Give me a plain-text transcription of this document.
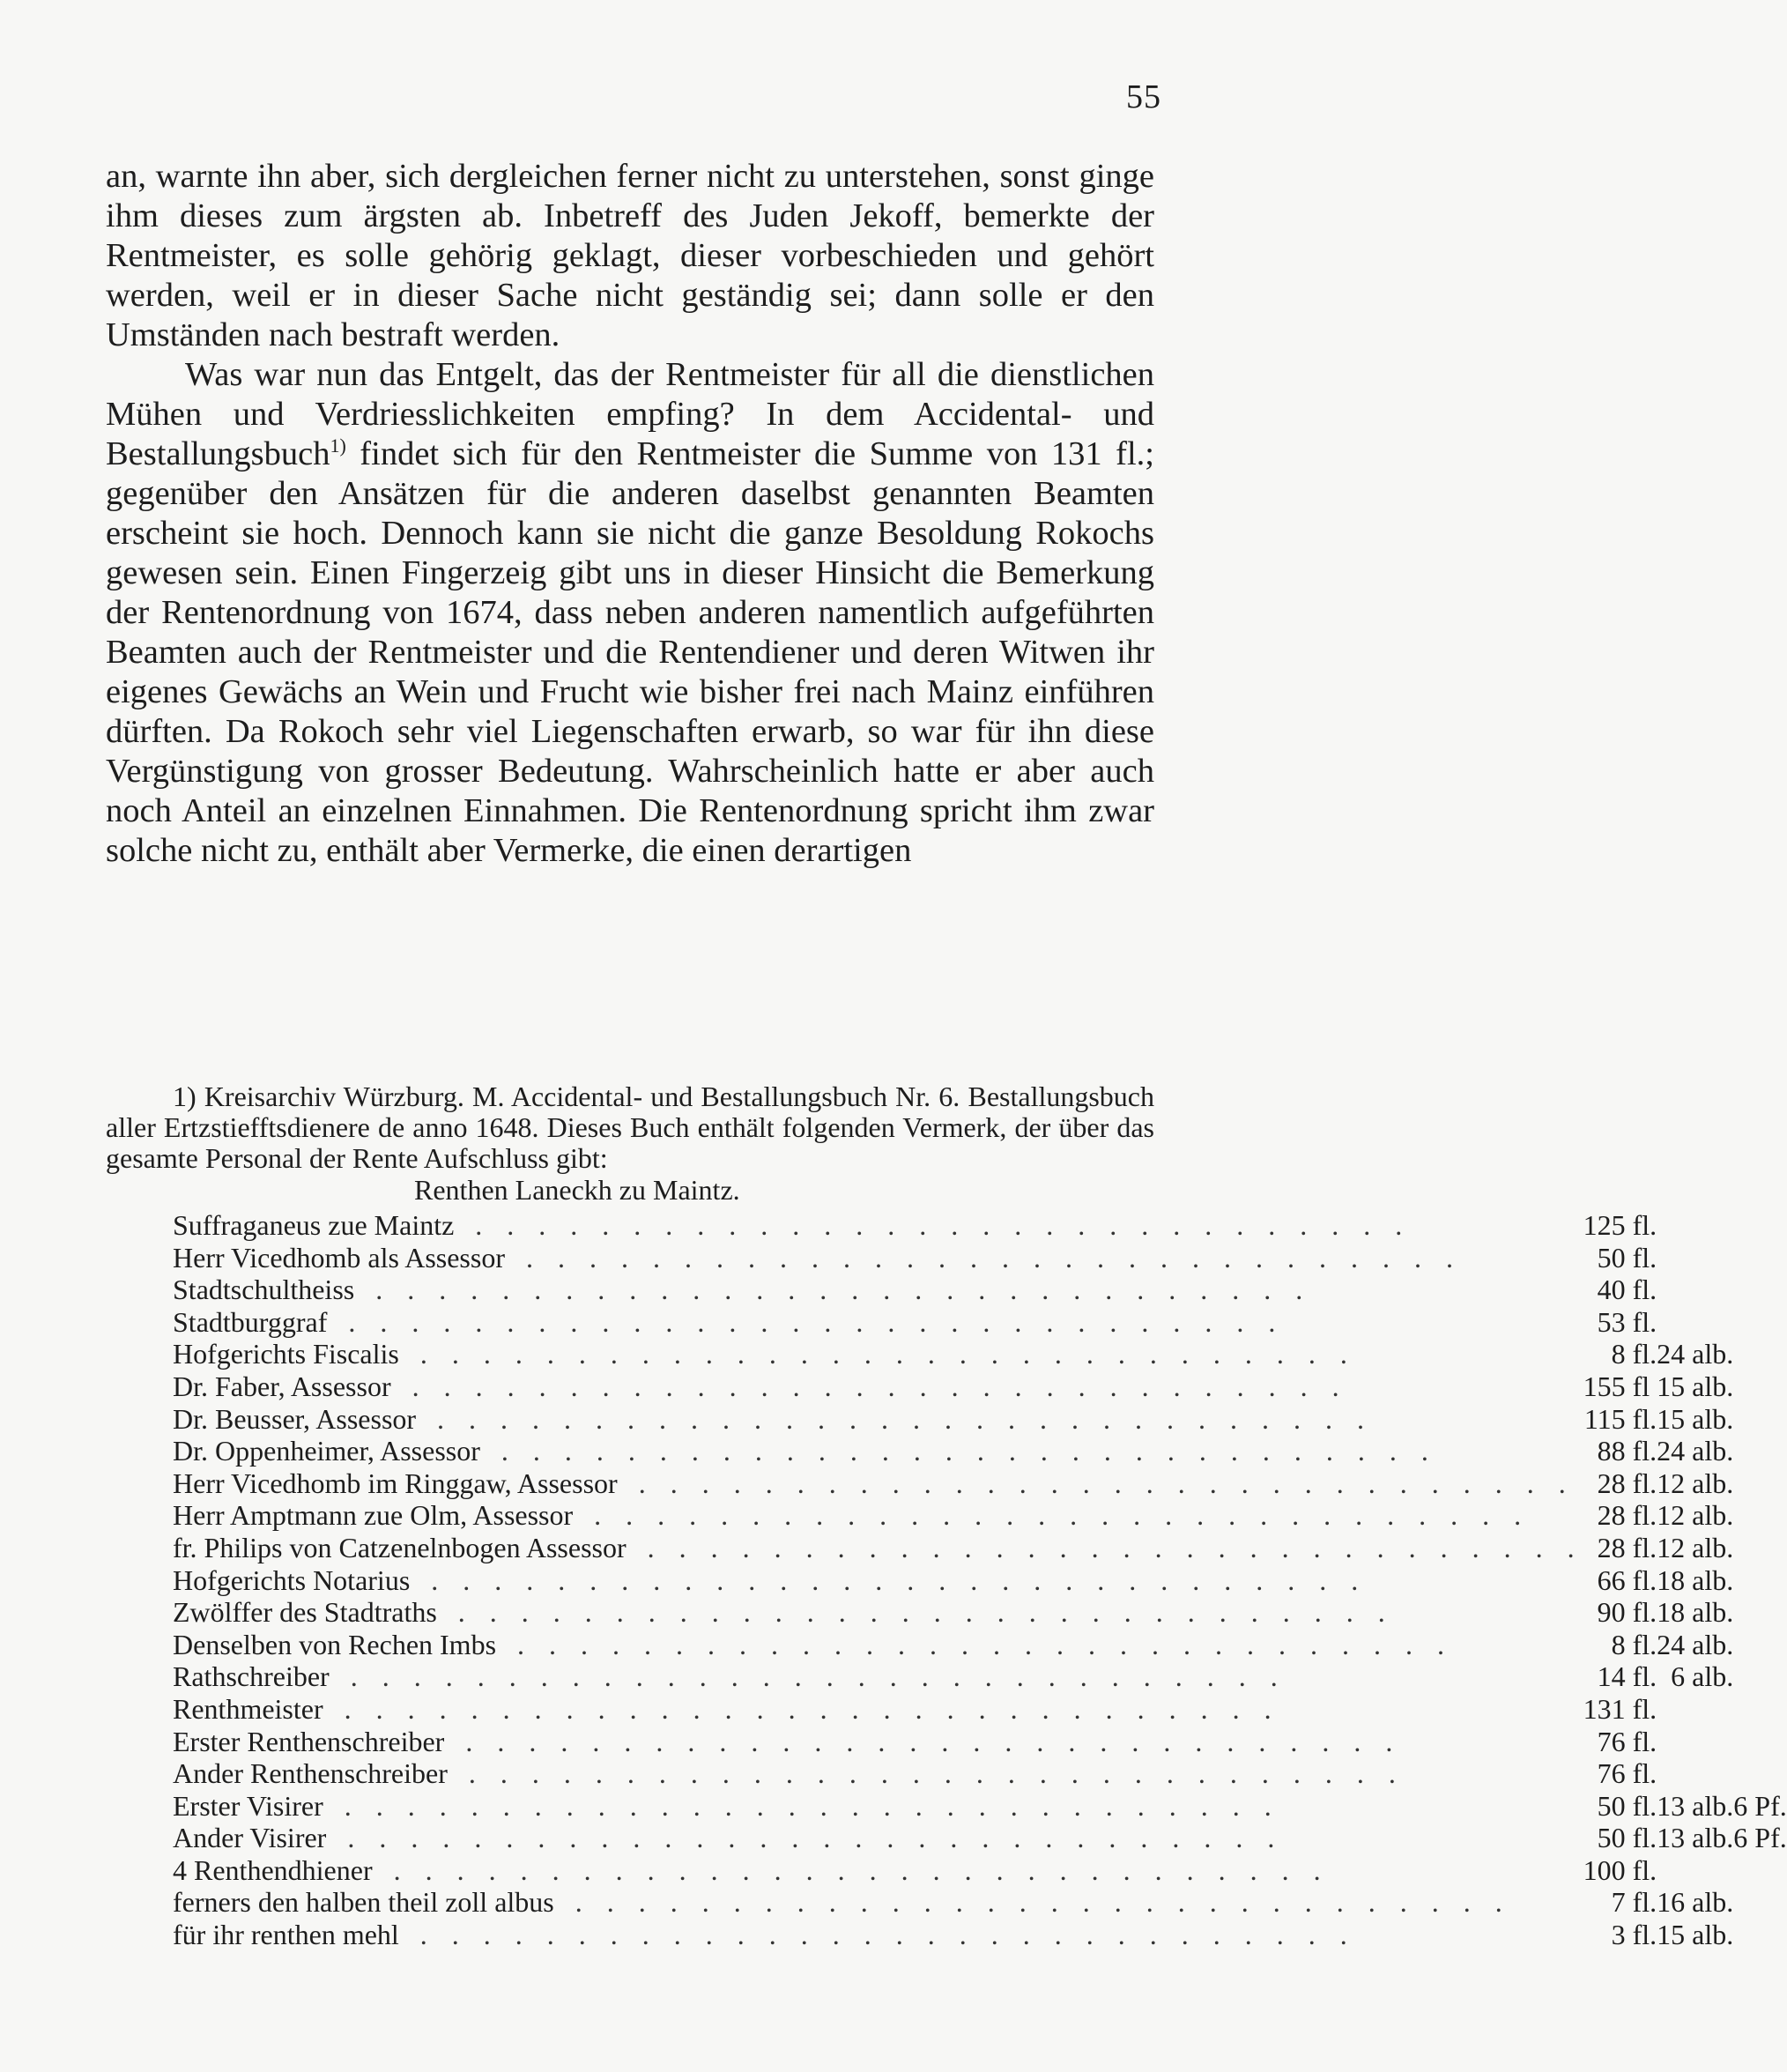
55

an, warnte ihn aber, sich dergleichen ferner nicht zu unterstehen, sonst ginge ihm dieses zum ärgsten ab. Inbetreff des Juden Jekoff, bemerkte der Rentmeister, es solle gehörig geklagt, dieser vorbeschieden und gehört werden, weil er in dieser Sache nicht geständig sei; dann solle er den Umständen nach bestraft werden.

Was war nun das Entgelt, das der Rentmeister für all die dienstlichen Mühen und Verdriesslichkeiten empfing? In dem Accidental- und Bestallungsbuch$^{1)}$ findet sich für den Rentmeister die Summe von 131 fl.; gegenüber den Ansätzen für die anderen daselbst genannten Beamten erscheint sie hoch. Dennoch kann sie nicht die ganze Besoldung Rokochs gewesen sein. Einen Fingerzeig gibt uns in dieser Hinsicht die Bemerkung der Rentenordnung von 1674, dass neben anderen namentlich aufgeführten Beamten auch der Rentmeister und die Rentendiener und deren Witwen ihr eigenes Gewächs an Wein und Frucht wie bisher frei nach Mainz einführen dürften. Da Rokoch sehr viel Liegenschaften erwarb, so war für ihn diese Vergünstigung von grosser Bedeutung. Wahrscheinlich hatte er aber auch noch Anteil an einzelnen Einnahmen. Die Rentenordnung spricht ihm zwar solche nicht zu, enthält aber Vermerke, die einen derartigen

1) Kreisarchiv Würzburg. M. Accidental- und Bestallungsbuch Nr. 6. Bestallungsbuch aller Ertzstiefftsdienere de anno 1648. Dieses Buch enthält folgenden Vermerk, der über das gesamte Personal der Rente Aufschluss gibt:

Renthen Laneckh zu Maintz.

Suffraganeus zue Maintz . . . . . . . . . . . . . . . . . . . . . . . . . . . . . .	125	fl.			
Herr Vicedhomb als Assessor . . . . . . . . . . . . . . . . . . . . . . . . . . . . . .	50	fl.			
Stadtschultheiss . . . . . . . . . . . . . . . . . . . . . . . . . . . . . .	40	fl.			
Stadtburggraf . . . . . . . . . . . . . . . . . . . . . . . . . . . . . .	53	fl.			
Hofgerichts Fiscalis . . . . . . . . . . . . . . . . . . . . . . . . . . . . . .	8	fl.	24	alb.	
Dr. Faber, Assessor . . . . . . . . . . . . . . . . . . . . . . . . . . . . . .	155	fl	15	alb.	
Dr. Beusser, Assessor . . . . . . . . . . . . . . . . . . . . . . . . . . . . . .	115	fl.	15	alb.	
Dr. Oppenheimer, Assessor . . . . . . . . . . . . . . . . . . . . . . . . . . . . . .	88	fl.	24	alb.	
Herr Vicedhomb im Ringgaw, Assessor . . . . . . . . . . . . . . . . . . . . . . . . . . . . . .	28	fl.	12	alb.	
Herr Amptmann zue Olm, Assessor . . . . . . . . . . . . . . . . . . . . . . . . . . . . . .	28	fl.	12	alb.	
fr. Philips von Catzenelnbogen Assessor . . . . . . . . . . . . . . . . . . . . . . . . . . . . . .	28	fl.	12	alb.	
Hofgerichts Notarius . . . . . . . . . . . . . . . . . . . . . . . . . . . . . .	66	fl.	18	alb.	
Zwölffer des Stadtraths . . . . . . . . . . . . . . . . . . . . . . . . . . . . . .	90	fl.	18	alb.	
Denselben von Rechen Imbs . . . . . . . . . . . . . . . . . . . . . . . . . . . . . .	8	fl.	24	alb.	
Rathschreiber . . . . . . . . . . . . . . . . . . . . . . . . . . . . . .	14	fl.	6	alb.	
Renthmeister . . . . . . . . . . . . . . . . . . . . . . . . . . . . . .	131	fl.			
Erster Renthenschreiber . . . . . . . . . . . . . . . . . . . . . . . . . . . . . .	76	fl.			
Ander Renthenschreiber . . . . . . . . . . . . . . . . . . . . . . . . . . . . . .	76	fl.			
Erster Visirer . . . . . . . . . . . . . . . . . . . . . . . . . . . . . .	50	fl.	13	alb.	6 Pf.
Ander Visirer . . . . . . . . . . . . . . . . . . . . . . . . . . . . . .	50	fl.	13	alb.	6 Pf.
4 Renthendhiener . . . . . . . . . . . . . . . . . . . . . . . . . . . . . .	100	fl.			
ferners den halben theil zoll albus . . . . . . . . . . . . . . . . . . . . . . . . . . . . . .	7	fl.	16	alb.	
für ihr renthen mehl . . . . . . . . . . . . . . . . . . . . . . . . . . . . . .	3	fl.	15	alb.	
